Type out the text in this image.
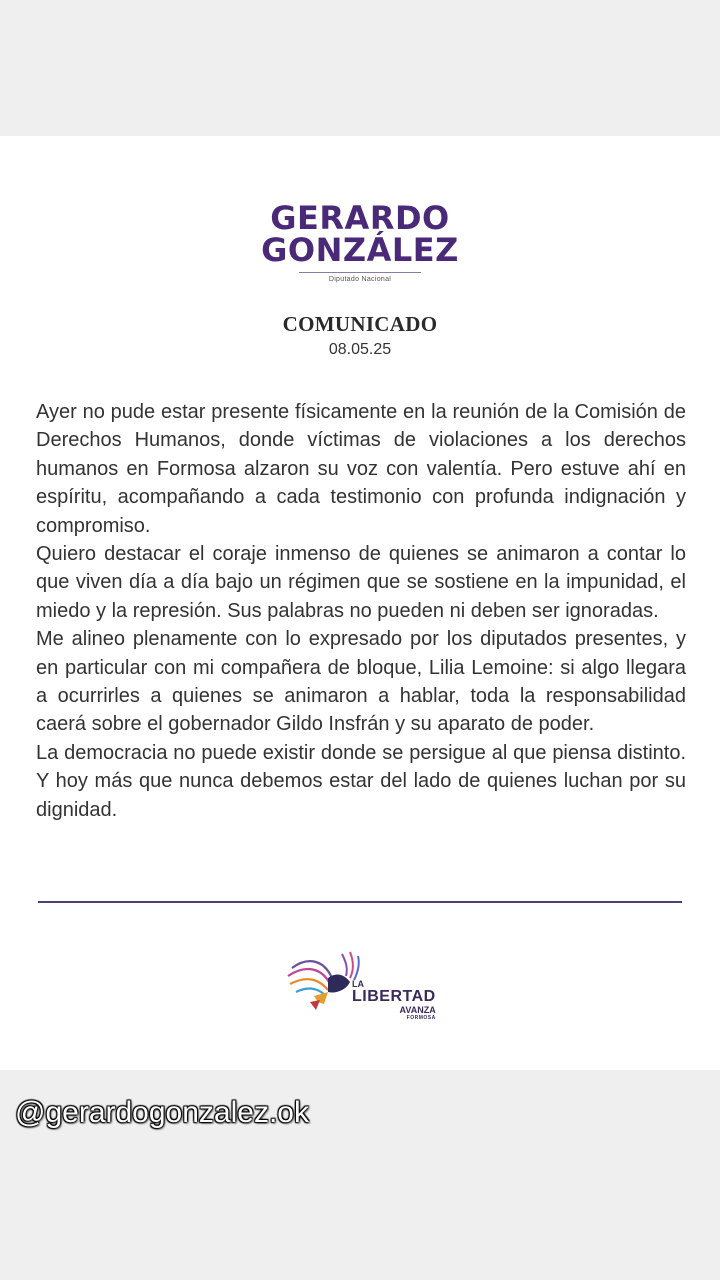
GERARDO
GONZÁLEZ
Diputado Nacional
COMUNICADO
08.05.25

Ayer no pude estar presente físicamente en la reunión de la Comisión de Derechos Humanos, donde víctimas de violaciones a los derechos humanos en Formosa alzaron su voz con valentía. Pero estuve ahí en espíritu, acompañando a cada testimonio con profunda indignación y compromiso.

Quiero destacar el coraje inmenso de quienes se animaron a contar lo que viven día a día bajo un régimen que se sostiene en la impunidad, el miedo y la represión. Sus palabras no pueden ni deben ser ignoradas.

Me alineo plenamente con lo expresado por los diputados presentes, y en particular con mi compañera de bloque, Lilia Lemoine: si algo llegara a ocurrirles a quienes se animaron a hablar, toda la responsabilidad caerá sobre el gobernador Gildo Insfrán y su aparato de poder.

La democracia no puede existir donde se persigue al que piensa distinto. Y hoy más que nunca debemos estar del lado de quienes luchan por su dignidad.

LA
LIBERTAD
AVANZA
FORMOSA
@gerardogonzalez.ok
